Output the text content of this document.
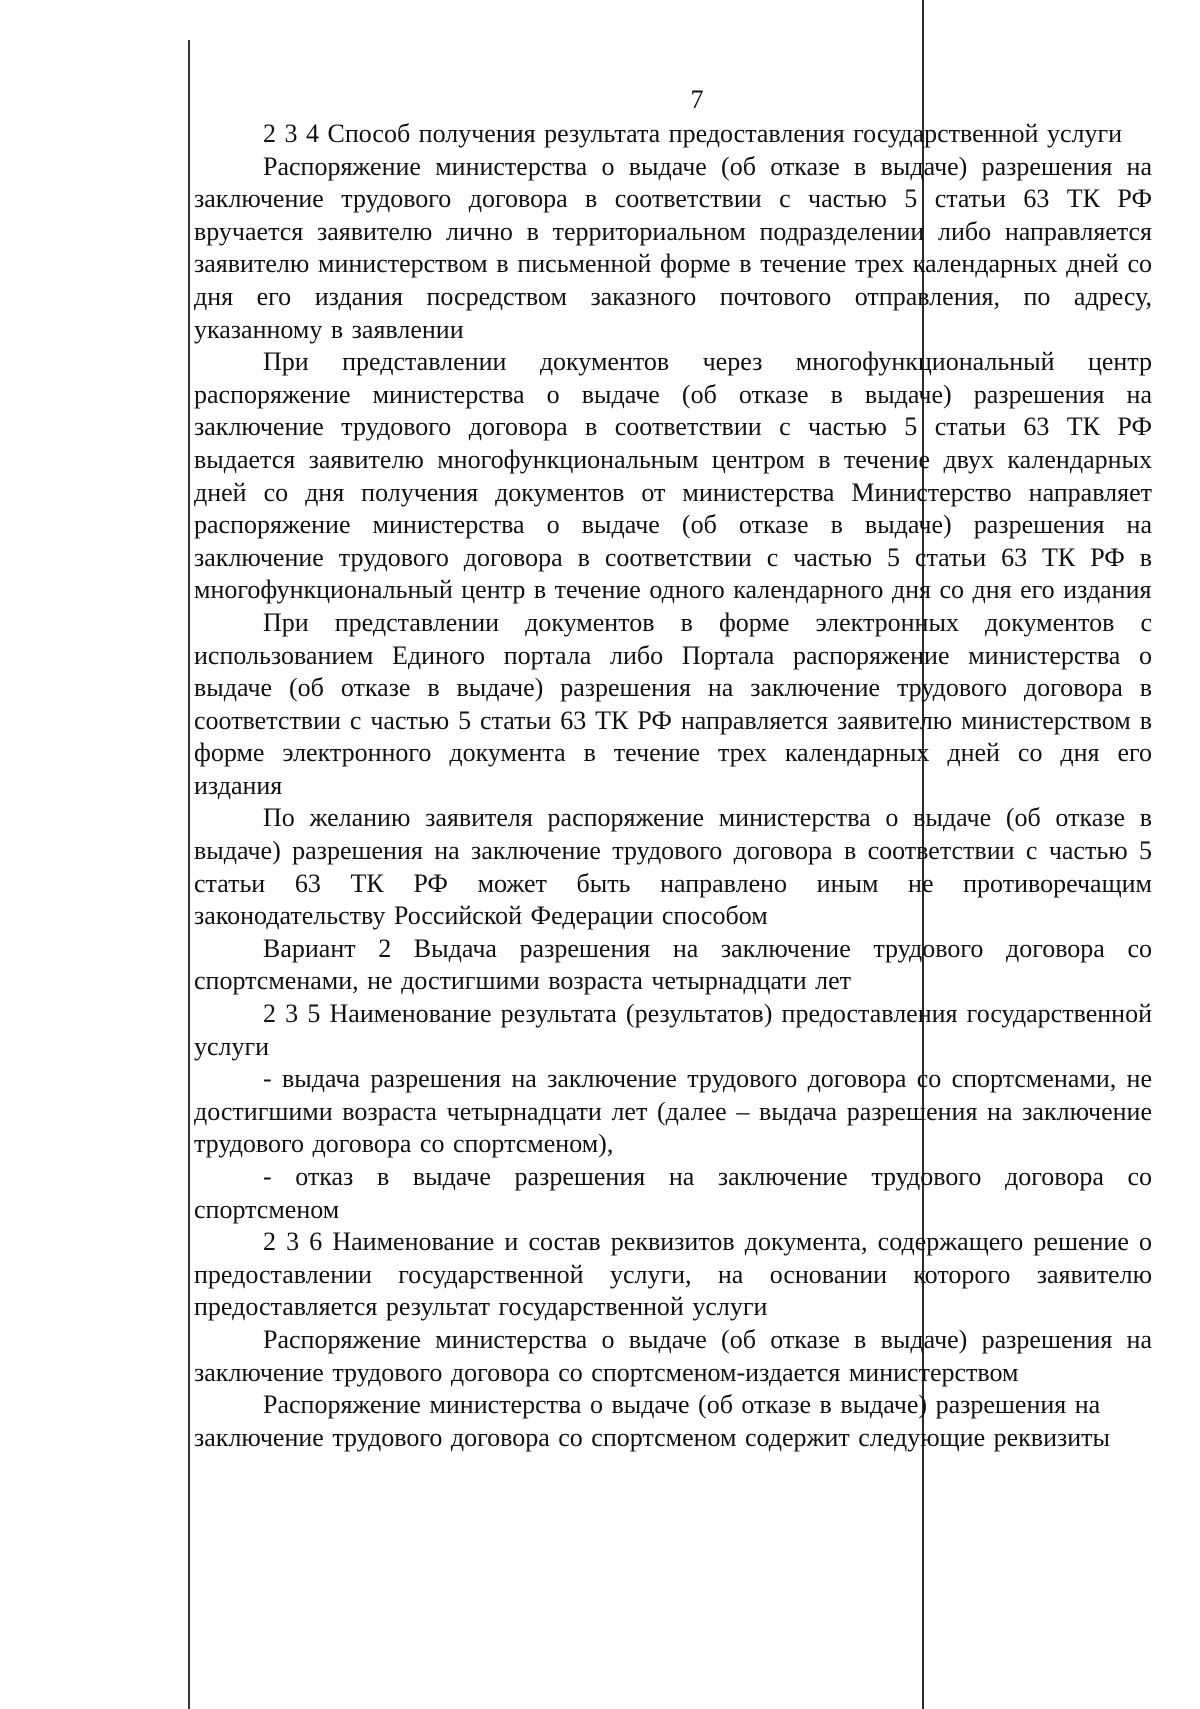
7

2 3 4 Способ получения результата предоставления государственной услуги

Распоряжение министерства о выдаче (об отказе в выдаче) разрешения на заключение трудового договора в соответствии с частью 5 статьи 63 ТК РФ вручается заявителю лично в территориальном подразделении либо направляется заявителю министерством в письменной форме в течение трех календарных дней со дня его издания посредством заказного почтового отправления, по адресу, указанному в заявлении

При представлении документов через многофункциональный центр распоряжение министерства о выдаче (об отказе в выдаче) разрешения на заключение трудового договора в соответствии с частью 5 статьи 63 ТК РФ выдается заявителю многофункциональным центром в течение двух календарных дней со дня получения документов от министерства Министерство направляет распоряжение министерства о выдаче (об отказе в выдаче) разрешения на заключение трудового договора в соответствии с частью 5 статьи 63 ТК РФ в многофункциональный центр в течение одного календарного дня со дня его издания

При представлении документов в форме электронных документов с использованием Единого портала либо Портала распоряжение министерства о выдаче (об отказе в выдаче) разрешения на заключение трудового договора в соответствии с частью 5 статьи 63 ТК РФ направляется заявителю министерством в форме электронного документа в течение трех календарных дней со дня его издания

По желанию заявителя распоряжение министерства о выдаче (об отказе в выдаче) разрешения на заключение трудового договора в соответствии с частью 5 статьи 63 ТК РФ может быть направлено иным не противоречащим законодательству Российской Федерации способом

Вариант 2 Выдача разрешения на заключение трудового договора со спортсменами, не достигшими возраста четырнадцати лет

2 3 5 Наименование результата (результатов) предоставления государственной услуги

- выдача разрешения на заключение трудового договора со спортсменами, не достигшими возраста четырнадцати лет (далее – выдача разрешения на заключение трудового договора со спортсменом),

- отказ в выдаче разрешения на заключение трудового договора со спортсменом

2 3 6 Наименование и состав реквизитов документа, содержащего решение о предоставлении государственной услуги, на основании которого заявителю предоставляется результат государственной услуги

Распоряжение министерства о выдаче (об отказе в выдаче) разрешения на заключение трудового договора со спортсменом-издается министерством

Распоряжение министерства о выдаче (об отказе в выдаче) разрешения на заключение трудового договора со спортсменом содержит следующие реквизиты
